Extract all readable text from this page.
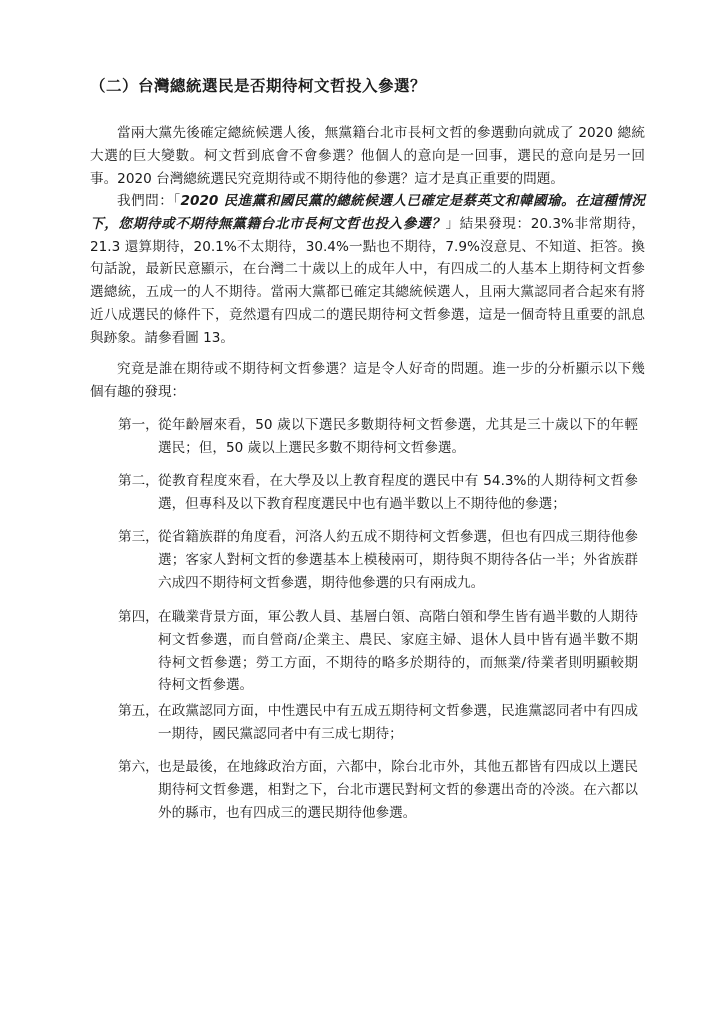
（二）台灣總統選民是否期待柯文哲投入參選？

當兩大黨先後確定總統候選人後，無黨籍台北市長柯文哲的參選動向就成了 2020 總統大選的巨大變數。柯文哲到底會不會參選？他個人的意向是一回事，選民的意向是另一回事。2020 台灣總統選民究竟期待或不期待他的參選？這才是真正重要的問題。

我們問：「2020 民進黨和國民黨的總統候選人已確定是蔡英文和韓國瑜。在這種情況下，您期待或不期待無黨籍台北市長柯文哲也投入參選？」結果發現：20.3%非常期待，21.3 還算期待，20.1%不太期待，30.4%一點也不期待，7.9%沒意見、不知道、拒答。換句話說，最新民意顯示，在台灣二十歲以上的成年人中，有四成二的人基本上期待柯文哲參選總統，五成一的人不期待。當兩大黨都已確定其總統候選人，且兩大黨認同者合起來有將近八成選民的條件下，竟然還有四成二的選民期待柯文哲參選，這是一個奇特且重要的訊息與跡象。請參看圖 13。

究竟是誰在期待或不期待柯文哲參選？這是令人好奇的問題。進一步的分析顯示以下幾個有趣的發現：

第一， 從年齡層來看，50 歲以下選民多數期待柯文哲參選，尤其是三十歲以下的年輕選民；但，50 歲以上選民多數不期待柯文哲參選。
第二， 從教育程度來看，在大學及以上教育程度的選民中有 54.3%的人期待柯文哲參選，但專科及以下教育程度選民中也有過半數以上不期待他的參選；
第三， 從省籍族群的角度看，河洛人約五成不期待柯文哲參選，但也有四成三期待他參選；客家人對柯文哲的參選基本上模稜兩可，期待與不期待各佔一半；外省族群六成四不期待柯文哲參選，期待他參選的只有兩成九。
第四， 在職業背景方面，軍公教人員、基層白領、高階白領和學生皆有過半數的人期待柯文哲參選，而自營商/企業主、農民、家庭主婦、退休人員中皆有過半數不期待柯文哲參選；勞工方面，不期待的略多於期待的，而無業/待業者則明顯較期待柯文哲參選。
第五， 在政黨認同方面，中性選民中有五成五期待柯文哲參選，民進黨認同者中有四成一期待，國民黨認同者中有三成七期待；
第六， 也是最後，在地緣政治方面，六都中，除台北市外，其他五都皆有四成以上選民期待柯文哲參選，相對之下，台北市選民對柯文哲的參選出奇的冷淡。在六都以外的縣市，也有四成三的選民期待他參選。
